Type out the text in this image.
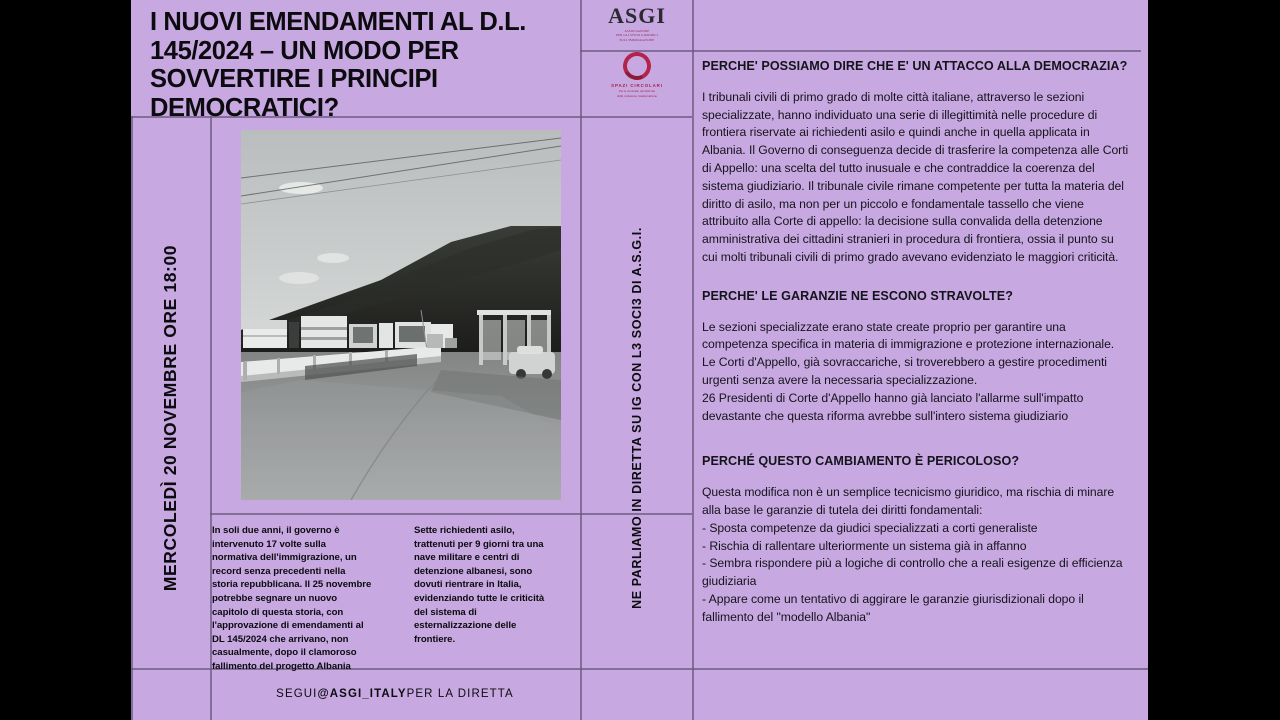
I NUOVI EMENDAMENTI AL D.L. 145/2024 – UN MODO PER SOVVERTIRE I PRINCIPI DEMOCRATICI?
ASGI
ASSOCIAZIONE
PER GLI STUDI GIURIDICI
SULL'IMMIGRAZIONE
SPAZI CIRCOLARI
Per le comunità, dei diritti dei
diritti, inclusione, trasformazione
MERCOLEDÌ 20 NOVEMBRE ORE 18:00	NE PARLIAMO IN DIRETTA SU IG CON L3 SOCI3 DI A.S.G.I.
In soli due anni, il governo è intervenuto 17 volte sulla normativa dell'immigrazione, un record senza precedenti nella storia repubblicana. Il 25 novembre potrebbe segnare un nuovo capitolo di questa storia, con l'approvazione di emendamenti al DL 145/2024 che arrivano, non casualmente, dopo il clamoroso fallimento del progetto Albania
Sette richiedenti asilo, trattenuti per 9 giorni tra una nave militare e centri di detenzione albanesi, sono dovuti rientrare in Italia, evidenziando tutte le criticità del sistema di esternalizzazione delle frontiere.
SEGUI @ASGI_ITALY PER LA DIRETTA
PERCHE' POSSIAMO DIRE CHE E' UN ATTACCO ALLA DEMOCRAZIA?

I tribunali civili di primo grado di molte città italiane, attraverso le sezioni specializzate, hanno individuato una serie di illegittimità nelle procedure di frontiera riservate ai richiedenti asilo e quindi anche in quella applicata in Albania. Il Governo di conseguenza decide di trasferire la competenza alle Corti di Appello: una scelta del tutto inusuale e che contraddice la coerenza del sistema giudiziario. Il tribunale civile rimane competente per tutta la materia del diritto di asilo, ma non per un piccolo e fondamentale tassello che viene attribuito alla Corte di appello: la decisione sulla convalida della detenzione amministrativa dei cittadini stranieri in procedura di frontiera, ossia il punto su cui molti tribunali civili di primo grado avevano evidenziato le maggiori criticità.

PERCHE' LE GARANZIE NE ESCONO STRAVOLTE?

Le sezioni specializzate erano state create proprio per garantire una competenza specifica in materia di immigrazione e protezione internazionale.

Le Corti d'Appello, già sovraccariche, si troverebbero a gestire procedimenti urgenti senza avere la necessaria specializzazione.

26 Presidenti di Corte d'Appello hanno già lanciato l'allarme sull'impatto devastante che questa riforma avrebbe sull'intero sistema giudiziario

PERCHÉ QUESTO CAMBIAMENTO È PERICOLOSO?

Questa modifica non è un semplice tecnicismo giuridico, ma rischia di minare alla base le garanzie di tutela dei diritti fondamentali:

- Sposta competenze da giudici specializzati a corti generaliste

- Rischia di rallentare ulteriormente un sistema già in affanno

- Sembra rispondere più a logiche di controllo che a reali esigenze di efficienza giudiziaria

- Appare come un tentativo di aggirare le garanzie giurisdizionali dopo il fallimento del "modello Albania"
